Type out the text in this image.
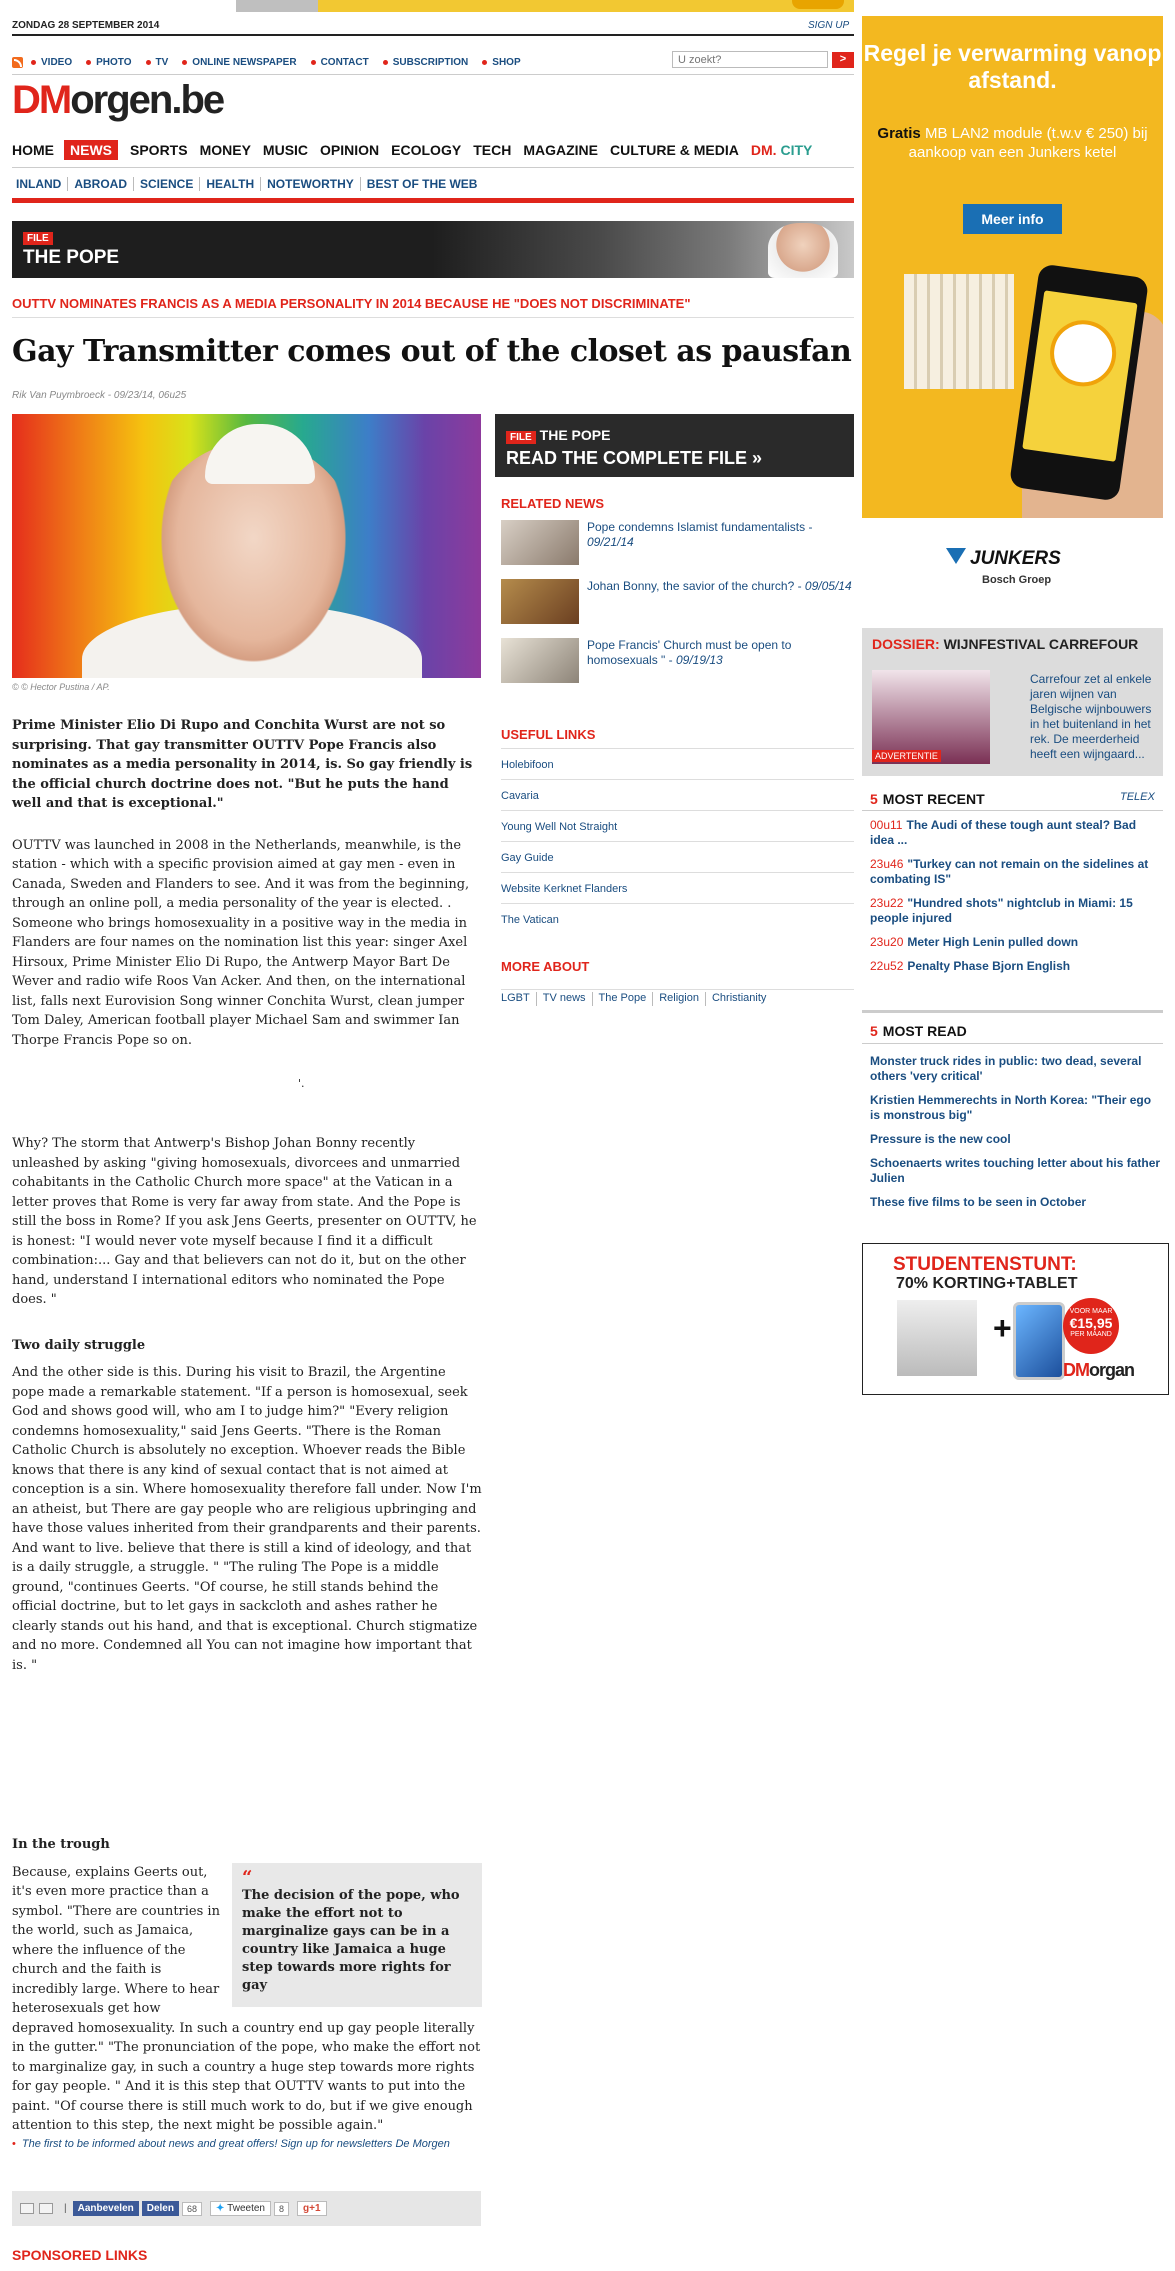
ZONDAG 28 SEPTEMBER 2014	SIGN UP
VIDEO PHOTO TV ONLINE NEWSPAPER CONTACT SUBSCRIPTION SHOP
U zoekt?	>
DMorgen.be
HOME	NEWS	SPORTS MONEY MUSIC OPINION ECOLOGY TECH MAGAZINE CULTURE & MEDIA DM. CITY
INLAND	ABROAD	SCIENCE	HEALTH	NOTEWORTHY	BEST OF THE WEB
FILE
THE POPE
OUTTV NOMINATES FRANCIS AS A MEDIA PERSONALITY IN 2014 BECAUSE HE "DOES NOT DISCRIMINATE"
Gay Transmitter comes out of the closet as pausfan
Rik Van Puymbroeck - 09/23/14, 06u25
© © Hector Pustina / AP.

Prime Minister Elio Di Rupo and Conchita Wurst are not so surprising. That gay transmitter OUTTV Pope Francis also nominates as a media personality in 2014, is. So gay friendly is the official church doctrine does not. "But he puts the hand well and that is exceptional."

OUTTV was launched in 2008 in the Netherlands, meanwhile, is the station - which with a specific provision aimed at gay men - even in Canada, Sweden and Flanders to see. And it was from the beginning, through an online poll, a media personality of the year is elected. . Someone who brings homosexuality in a positive way in the media in Flanders are four names on the nomination list this year: singer Axel Hirsoux, Prime Minister Elio Di Rupo, the Antwerp Mayor Bart De Wever and radio wife Roos Van Acker. And then, on the international list, falls next Eurovision Song winner Conchita Wurst, clean jumper Tom Daley, American football player Michael Sam and swimmer Ian Thorpe Francis Pope so on.

'.

Why? The storm that Antwerp's Bishop Johan Bonny recently unleashed by asking "giving homosexuals, divorcees and unmarried cohabitants in the Catholic Church more space" at the Vatican in a letter proves that Rome is very far away from state. And the Pope is still the boss in Rome? If you ask Jens Geerts, presenter on OUTTV, he is honest: "I would never vote myself because I find it a difficult combination:... Gay and that believers can not do it, but on the other hand, understand I international editors who nominated the Pope does. "

Two daily struggle

And the other side is this. During his visit to Brazil, the Argentine pope made a remarkable statement. "If a person is homosexual, seek God and shows good will, who am I to judge him?" "Every religion condemns homosexuality," said Jens Geerts. "There is the Roman Catholic Church is absolutely no exception. Whoever reads the Bible knows that there is any kind of sexual contact that is not aimed at conception is a sin. Where homosexuality therefore fall under. Now I'm an atheist, but There are gay people who are religious upbringing and have those values inherited from their grandparents and their parents. And want to live. believe that there is still a kind of ideology, and that is a daily struggle, a struggle. " "The ruling The Pope is a middle ground, "continues Geerts. "Of course, he still stands behind the official doctrine, but to let gays in sackcloth and ashes rather he clearly stands out his hand, and that is exceptional. Church stigmatize and no more. Condemned all You can not imagine how important that is. "

In the trough
“
The decision of the pope, who make the effort not to marginalize gays can be in a country like Jamaica a huge step towards more rights for gay

Because, explains Geerts out, it's even more practice than a symbol. "There are countries in the world, such as Jamaica, where the influence of the church and the faith is incredibly large. Where to hear heterosexuals get how depraved homosexuality. In such a country end up gay people literally in the gutter." "The pronunciation of the pope, who make the effort not to marginalize gay, in such a country a huge step towards more rights for gay people. " And it is this step that OUTTV wants to put into the paint. "Of course there is still much work to do, but if we give enough attention to this step, the next might be possible again."

• The first to be informed about news and great offers! Sign up for newsletters De Morgen
|	Aanbevelen	Delen	68	✦ Tweeten	8	g+1
SPONSORED LINKS
FILE THE POPE
READ THE COMPLETE FILE »
RELATED NEWS
Pope condemns Islamist fundamentalists - 09/21/14
Johan Bonny, the savior of the church? - 09/05/14
Pope Francis' Church must be open to homosexuals " - 09/19/13
USEFUL LINKS
Holebifoon
Cavaria
Young Well Not Straight
Gay Guide
Website Kerknet Flanders
The Vatican
MORE ABOUT
LGBT	TV news	The Pope	Religion	Christianity
Regel je verwarming vanop afstand.
Gratis MB LAN2 module (t.w.v € 250) bij aankoop van een Junkers ketel
Meer info
JUNKERS
Bosch Groep
DOSSIER: WIJNFESTIVAL CARREFOUR
ADVERTENTIE
Carrefour zet al enkele jaren wijnen van Belgische wijnbouwers in het buitenland in het rek. De meerderheid heeft een wijngaard...
5 MOST RECENT	TELEX
00u11 The Audi of these tough aunt steal? Bad idea ...
23u46 "Turkey can not remain on the sidelines at combating IS"
23u22 "Hundred shots" nightclub in Miami: 15 people injured
23u20 Meter High Lenin pulled down
22u52 Penalty Phase Bjorn English
5 MOST READ
Monster truck rides in public: two dead, several others 'very critical'
Kristien Hemmerechts in North Korea: "Their ego is monstrous big"
Pressure is the new cool
Schoenaerts writes touching letter about his father Julien
These five films to be seen in October
STUDENTENSTUNT:
70% KORTING+TABLET
+	VOOR MAAR
€15,95
PER MAAND
DMorgan
